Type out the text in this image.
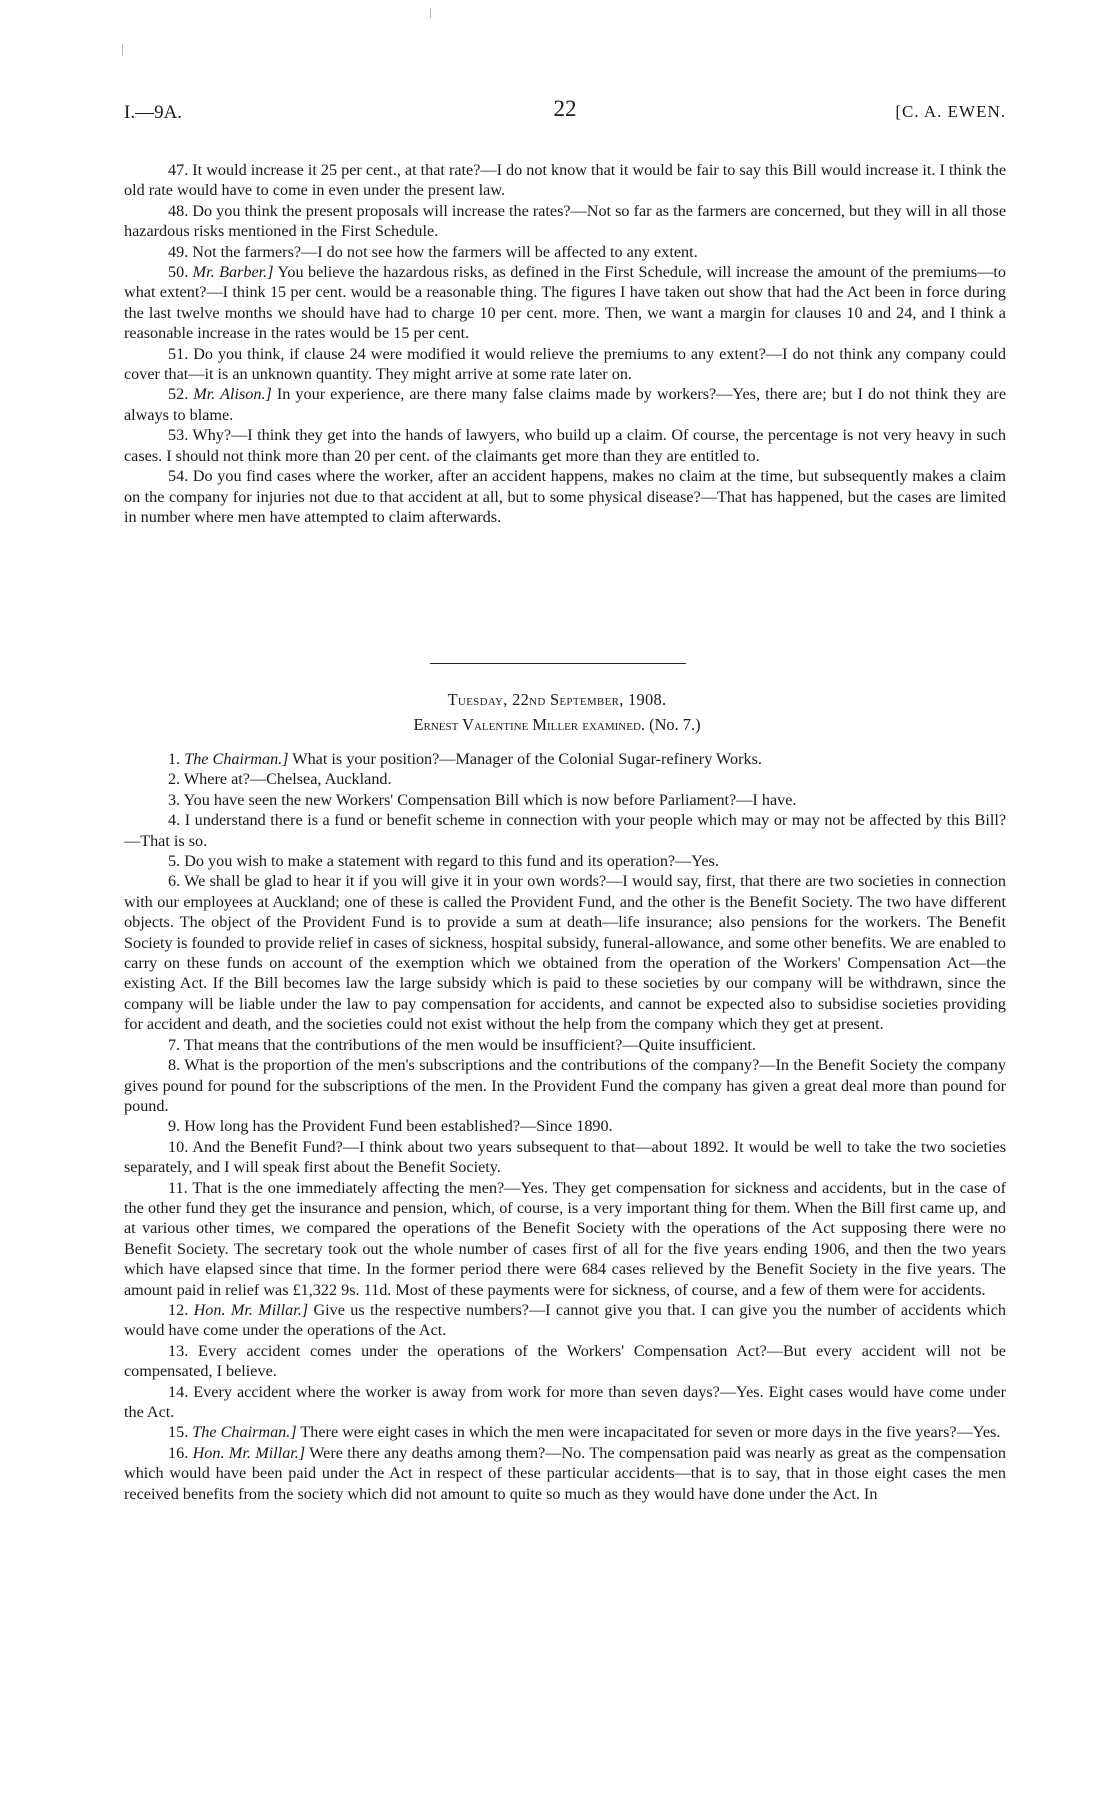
I.—9A.	22	[C. A. EWEN.

47. It would increase it 25 per cent., at that rate?—I do not know that it would be fair to say this Bill would increase it. I think the old rate would have to come in even under the present law.

48. Do you think the present proposals will increase the rates?—Not so far as the farmers are concerned, but they will in all those hazardous risks mentioned in the First Schedule.

49. Not the farmers?—I do not see how the farmers will be affected to any extent.

50. Mr. Barber.] You believe the hazardous risks, as defined in the First Schedule, will increase the amount of the premiums—to what extent?—I think 15 per cent. would be a reasonable thing. The figures I have taken out show that had the Act been in force during the last twelve months we should have had to charge 10 per cent. more. Then, we want a margin for clauses 10 and 24, and I think a reasonable increase in the rates would be 15 per cent.

51. Do you think, if clause 24 were modified it would relieve the premiums to any extent?—I do not think any company could cover that—it is an unknown quantity. They might arrive at some rate later on.

52. Mr. Alison.] In your experience, are there many false claims made by workers?—Yes, there are; but I do not think they are always to blame.

53. Why?—I think they get into the hands of lawyers, who build up a claim. Of course, the percentage is not very heavy in such cases. I should not think more than 20 per cent. of the claimants get more than they are entitled to.

54. Do you find cases where the worker, after an accident happens, makes no claim at the time, but subsequently makes a claim on the company for injuries not due to that accident at all, but to some physical disease?—That has happened, but the cases are limited in number where men have attempted to claim afterwards.

Tuesday, 22nd September, 1908.
Ernest Valentine Miller examined. (No. 7.)

1. The Chairman.] What is your position?—Manager of the Colonial Sugar-refinery Works.

2. Where at?—Chelsea, Auckland.

3. You have seen the new Workers' Compensation Bill which is now before Parliament?—I have.

4. I understand there is a fund or benefit scheme in connection with your people which may or may not be affected by this Bill?—That is so.

5. Do you wish to make a statement with regard to this fund and its operation?—Yes.

6. We shall be glad to hear it if you will give it in your own words?—I would say, first, that there are two societies in connection with our employees at Auckland; one of these is called the Provident Fund, and the other is the Benefit Society. The two have different objects. The object of the Provident Fund is to provide a sum at death—life insurance; also pensions for the workers. The Benefit Society is founded to provide relief in cases of sickness, hospital subsidy, funeral-allowance, and some other benefits. We are enabled to carry on these funds on account of the exemption which we obtained from the operation of the Workers' Compensation Act—the existing Act. If the Bill becomes law the large subsidy which is paid to these societies by our company will be withdrawn, since the company will be liable under the law to pay compensation for accidents, and cannot be expected also to subsidise societies providing for accident and death, and the societies could not exist without the help from the company which they get at present.

7. That means that the contributions of the men would be insufficient?—Quite insufficient.

8. What is the proportion of the men's subscriptions and the contributions of the company?—In the Benefit Society the company gives pound for pound for the subscriptions of the men. In the Provident Fund the company has given a great deal more than pound for pound.

9. How long has the Provident Fund been established?—Since 1890.

10. And the Benefit Fund?—I think about two years subsequent to that—about 1892. It would be well to take the two societies separately, and I will speak first about the Benefit Society.

11. That is the one immediately affecting the men?—Yes. They get compensation for sickness and accidents, but in the case of the other fund they get the insurance and pension, which, of course, is a very important thing for them. When the Bill first came up, and at various other times, we compared the operations of the Benefit Society with the operations of the Act supposing there were no Benefit Society. The secretary took out the whole number of cases first of all for the five years ending 1906, and then the two years which have elapsed since that time. In the former period there were 684 cases relieved by the Benefit Society in the five years. The amount paid in relief was £1,322 9s. 11d. Most of these payments were for sickness, of course, and a few of them were for accidents.

12. Hon. Mr. Millar.] Give us the respective numbers?—I cannot give you that. I can give you the number of accidents which would have come under the operations of the Act.

13. Every accident comes under the operations of the Workers' Compensation Act?—But every accident will not be compensated, I believe.

14. Every accident where the worker is away from work for more than seven days?—Yes. Eight cases would have come under the Act.

15. The Chairman.] There were eight cases in which the men were incapacitated for seven or more days in the five years?—Yes.

16. Hon. Mr. Millar.] Were there any deaths among them?—No. The compensation paid was nearly as great as the compensation which would have been paid under the Act in respect of these particular accidents—that is to say, that in those eight cases the men received benefits from the society which did not amount to quite so much as they would have done under the Act. In
